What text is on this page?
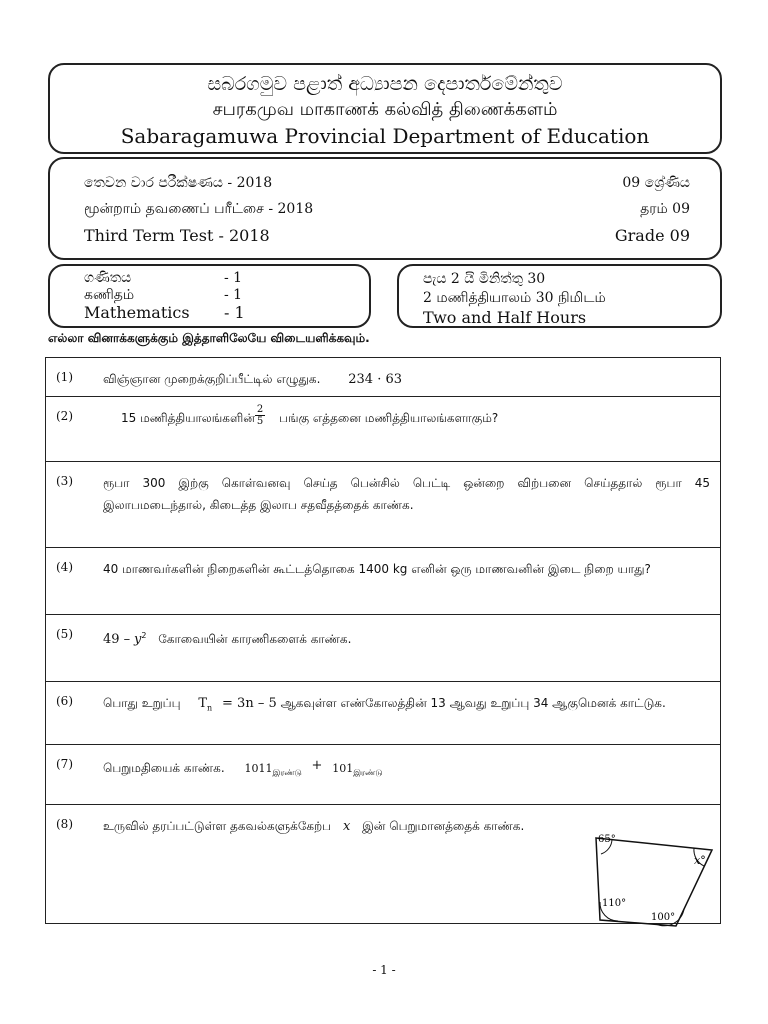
සබරගමුව පළාත් අධ්‍යාපන දෙපාර්තමේන්තුව
சபரகமுவ மாகாணக் கல்வித் திணைக்களம்
Sabaragamuwa Provincial Department of Education
තෙවන වාර පරීක්ෂණය - 2018	09 ශ්‍රේණිය
மூன்றாம் தவணைப் பரீட்சை - 2018	தரம் 09
Third Term Test - 2018	Grade 09
ගණිතය	- 1
கணிதம்	- 1
Mathematics	- 1
පැය 2 යි මිනිත්තු 30
2 மணித்தியாலம் 30 நிமிடம்
Two and Half Hours
எல்லா வினாக்களுக்கும் இத்தாளிலேயே விடையளிக்கவும்.
(1)	விஞ்ஞான முறைக்குறிப்பீட்டில் எழுதுக. 234 · 63

(2)	15 மணித்தியாலங்களின் $\frac{2}{5}$ பங்கு எத்தனை மணித்தியாலங்களாகும்?

(3)	ரூபா 300 இற்கு கொள்வனவு செய்த பென்சில் பெட்டி ஒன்றை விற்பனை செய்ததால் ரூபா 45 இலாபமடைந்தால், கிடைத்த இலாப சதவீதத்தைக் காண்க.

(4)	40 மாணவர்களின் நிறைகளின் கூட்டத்தொகை 1400 kg எனின் ஒரு மாணவனின் இடை நிறை யாது?

(5) $49 - y^2$ கோவையின் காரணிகளைக் காண்க.

(6)	பொது உறுப்பு $T_n = 3n - 5$ ஆகவுள்ள எண்கோலத்தின் 13 ஆவது உறுப்பு 34 ஆகுமெனக் காட்டுக.

(7)	பெறுமதியைக் காண்க. $1011_{இரண்டு} + 101_{இரண்டு}$

(8)	உருவில் தரப்பட்டுள்ள தகவல்களுக்கேற்ப x இன் பெறுமானத்தைக் காண்க.
65°
x°
110°
100°
- 1 -
